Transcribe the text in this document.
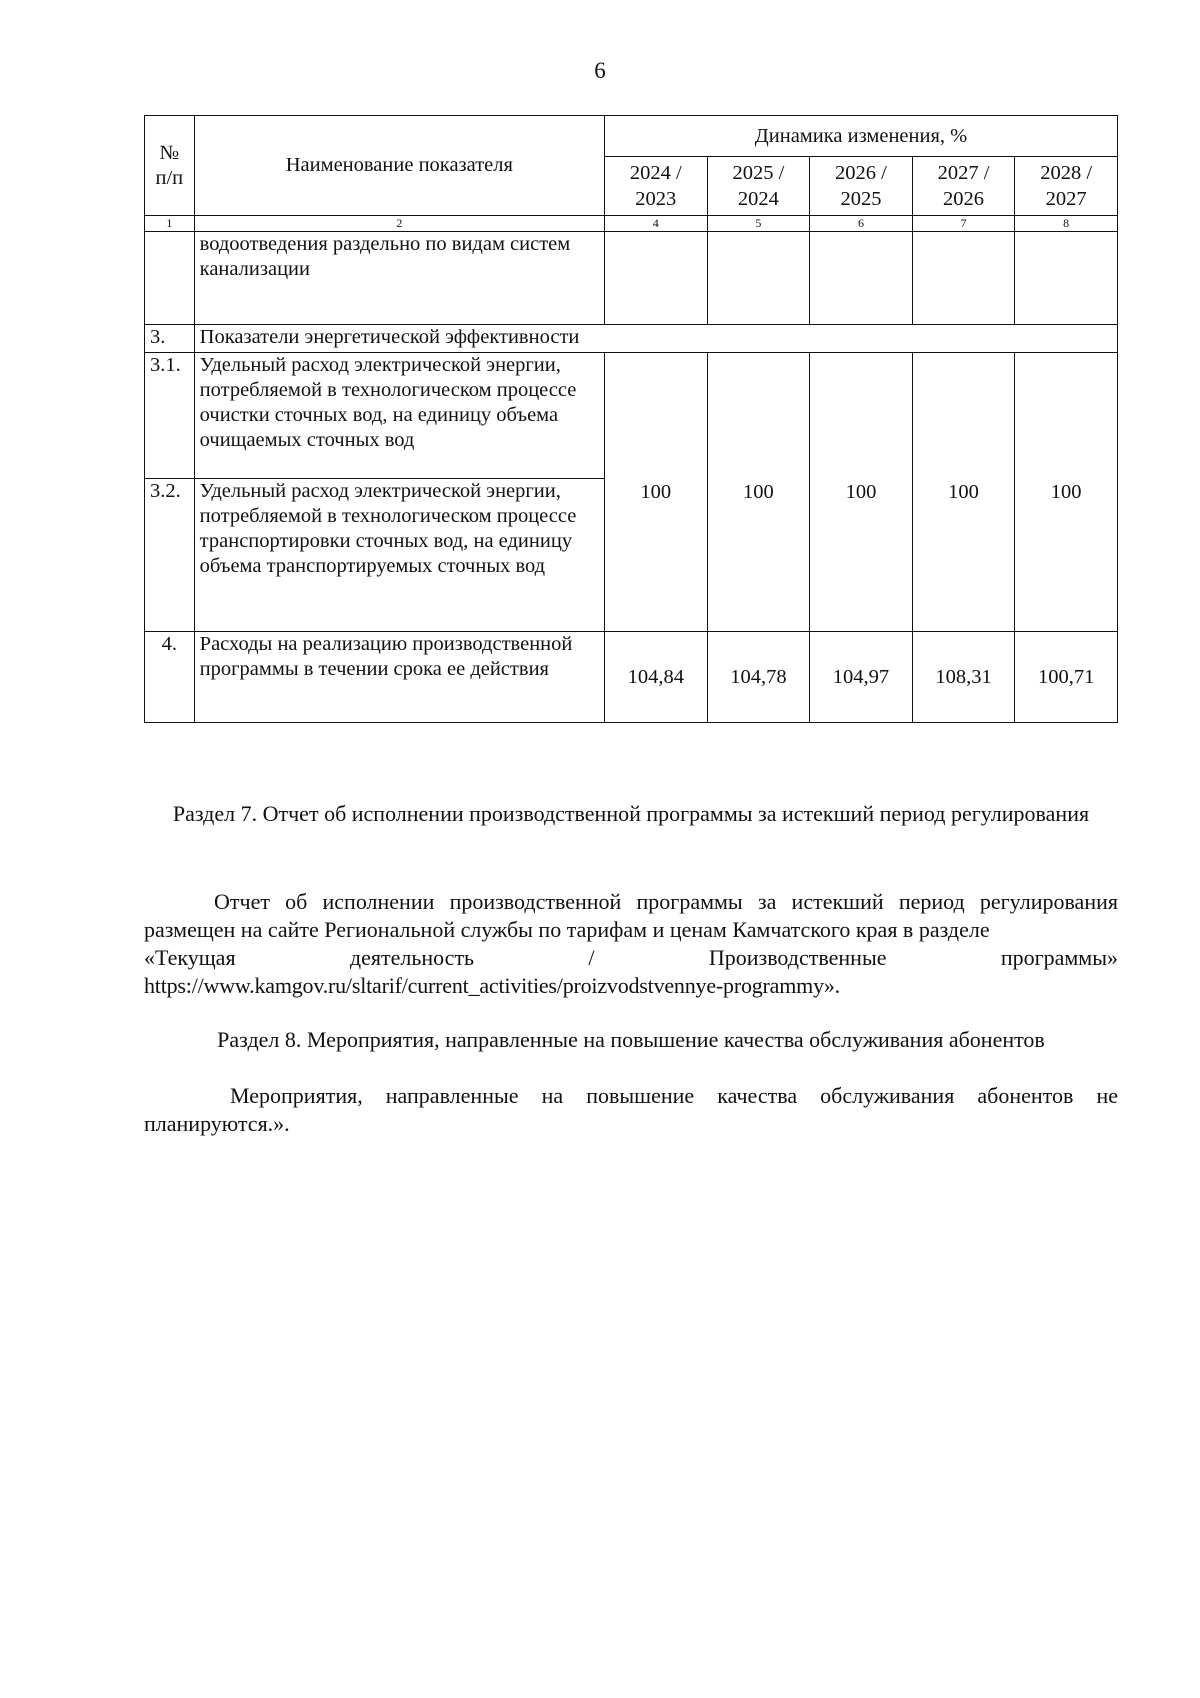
6
№ п/п	Наименование показателя	Динамика изменения, %				
		2024 / 2023	2025 / 2024	2026 / 2025	2027 / 2026	2028 / 2027
1	2	4	5	6	7	8
	водоотведения раздельно по видам систем канализации					
3.	Показатели энергетической эффективности					
3.1.	Удельный расход электрической энергии, потребляемой в технологическом процессе очистки сточных вод, на единицу объема очищаемых сточных вод	100	100	100	100	100
3.2.	Удельный расход электрической энергии, потребляемой в технологическом процессе транспортировки сточных вод, на единицу объема транспортируемых сточных вод					
4.	Расходы на реализацию производственной программы в течении срока ее действия	104,84	104,78	104,97	108,31	100,71
Раздел 7. Отчет об исполнении производственной программы за истекший период регулирования
Отчет об исполнении производственной программы за истекший период регулирования размещен на сайте Региональной службы по тарифам и ценам Камчатского края в разделе
«Текущая	деятельность	/	Производственные	программы»
https://www.kamgov.ru/sltarif/current_activities/proizvodstvennye-programmy».
Раздел 8. Мероприятия, направленные на повышение качества обслуживания абонентов
Мероприятия, направленные на повышение качества обслуживания абонентов не планируются.».
